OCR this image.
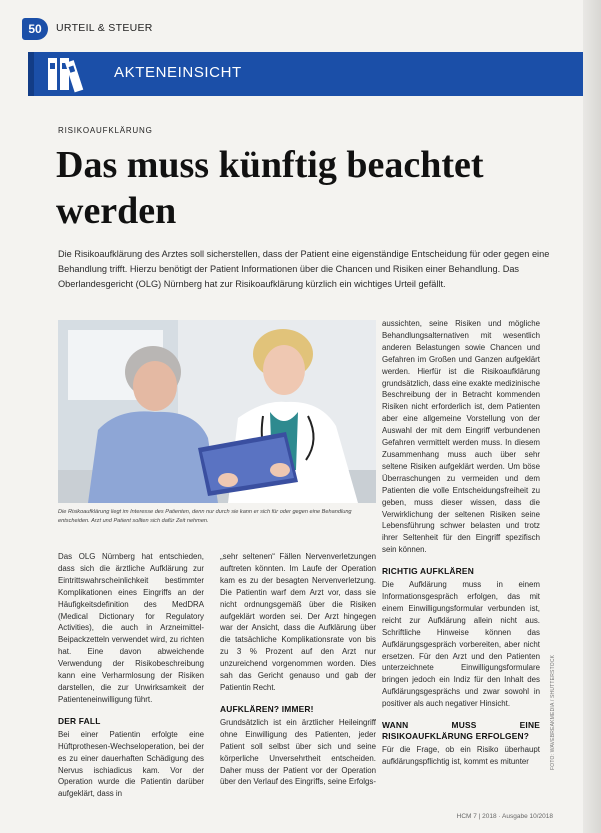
50	URTEIL & STEUER
AKTENEINSICHT
RISIKOAUFKLÄRUNG
Das muss künftig beachtet werden

Die Risikoaufklärung des Arztes soll sicherstellen, dass der Patient eine eigenständige Entscheidung für oder gegen eine Behandlung trifft. Hierzu benötigt der Patient Informationen über die Chancen und Risiken einer Behandlung. Das Oberlandesgericht (OLG) Nürnberg hat zur Risikoaufklärung kürzlich ein wichtiges Urteil gefällt.

Die Risikoaufklärung liegt im Interesse des Patienten, denn nur durch sie kann er sich für oder gegen eine Behandlung entscheiden. Arzt und Patient sollten sich dafür Zeit nehmen.

Das OLG Nürnberg hat entschieden, dass sich die ärztliche Aufklärung zur Eintrittswahrscheinlichkeit bestimmter Komplikationen eines Eingriffs an der Häufigkeitsdefinition des MedDRA (Medical Dictionary for Regulatory Activities), die auch in Arzneimittel-Beipackzetteln verwendet wird, zu richten hat. Eine davon abweichende Verwendung der Risikobeschreibung kann eine Verharmlosung der Risiken darstellen, die zur Unwirksamkeit der Patienteneinwilligung führt.

DER FALL

Bei einer Patientin erfolgte eine Hüftprothesen-Wechseloperation, bei der es zu einer dauerhaften Schädigung des Nervus ischiadicus kam. Vor der Operation wurde die Patientin darüber aufgeklärt, dass in

„sehr seltenen“ Fällen Nervenverletzungen auftreten könnten. Im Laufe der Operation kam es zu der besagten Nervenverletzung. Die Patientin warf dem Arzt vor, dass sie nicht ordnungsgemäß über die Risiken aufgeklärt worden sei. Der Arzt hingegen war der Ansicht, dass die Aufklärung über die tatsächliche Komplikationsrate von bis zu 3 % Prozent auf den Arzt nur unzureichend vorgenommen worden. Dies sah das Gericht genauso und gab der Patientin Recht.

AUFKLÄREN? IMMER!

Grundsätzlich ist ein ärztlicher Heileingriff ohne Einwilligung des Patienten, jeder Patient soll selbst über sich und seine körperliche Unversehrtheit entscheiden. Daher muss der Patient vor der Operation über den Verlauf des Eingriffs, seine Erfolgs-

aussichten, seine Risiken und mögliche Behandlungsalternativen mit wesentlich anderen Belastungen sowie Chancen und Gefahren im Großen und Ganzen aufgeklärt werden. Hierfür ist die Risikoaufklärung grundsätzlich, dass eine exakte medizinische Beschreibung der in Betracht kommenden Risiken nicht erforderlich ist, dem Patienten aber eine allgemeine Vorstellung von der Auswahl der mit dem Eingriff verbundenen Gefahren vermittelt werden muss. In diesem Zusammenhang muss auch über sehr seltene Risiken aufgeklärt werden. Um böse Überraschungen zu vermeiden und dem Patienten die volle Entscheidungsfreiheit zu geben, muss dieser wissen, dass die Verwirklichung der seltenen Risiken seine Lebensführung schwer belasten und trotz ihrer Seltenheit für den Eingriff spezifisch sein können.

RICHTIG AUFKLÄREN

Die Aufklärung muss in einem Informationsgespräch erfolgen, das mit einem Einwilligungsformular verbunden ist, reicht zur Aufklärung allein nicht aus. Schriftliche Hinweise können das Aufklärungsgespräch vorbereiten, aber nicht ersetzen. Für den Arzt und den Patienten unterzeichnete Einwilligungsformulare bringen jedoch ein Indiz für den Inhalt des Aufklärungsgesprächs und zwar sowohl in positiver als auch negativer Hinsicht.

WANN MUSS EINE RISIKOAUFKLÄRUNG ERFOLGEN?

Für die Frage, ob ein Risiko überhaupt aufklärungspflichtig ist, kommt es mitunter	FOTO: WAVEBREAKMEDIA / SHUTTERSTOCK
HCM 7 | 2018 · Ausgabe 10/2018
